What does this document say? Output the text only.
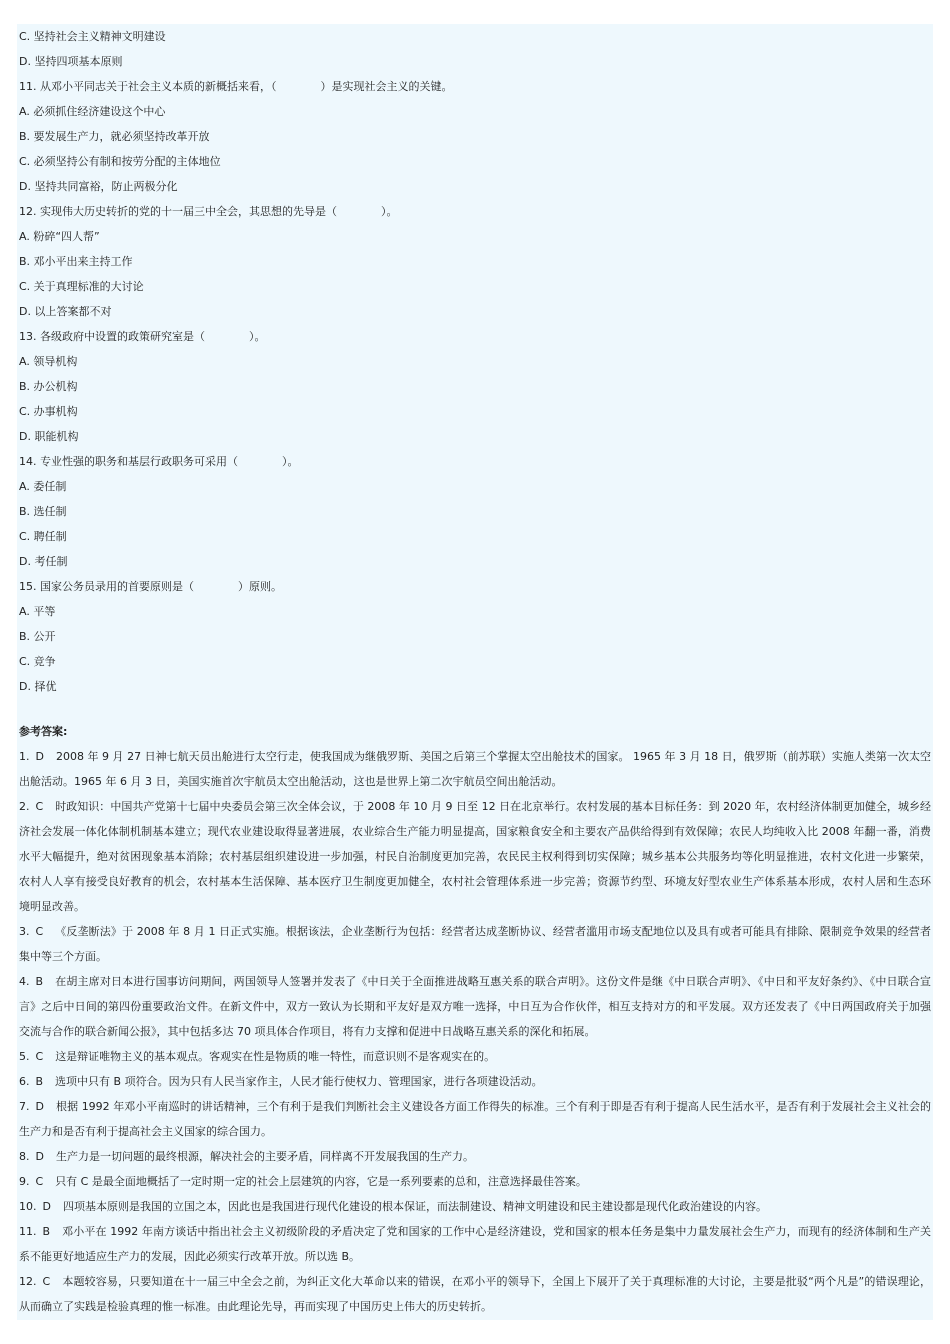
C. 坚持社会主义精神文明建设
D. 坚持四项基本原则
11. 从邓小平同志关于社会主义本质的新概括来看，（　　　　）是实现社会主义的关键。
A. 必须抓住经济建设这个中心
B. 要发展生产力，就必须坚持改革开放
C. 必须坚持公有制和按劳分配的主体地位
D. 坚持共同富裕，防止两极分化
12. 实现伟大历史转折的党的十一届三中全会，其思想的先导是（　　　　）。
A. 粉碎“四人帮”
B. 邓小平出来主持工作
C. 关于真理标准的大讨论
D. 以上答案都不对
13. 各级政府中设置的政策研究室是（　　　　）。
A. 领导机构
B. 办公机构
C. 办事机构
D. 职能机构
14. 专业性强的职务和基层行政职务可采用（　　　　）。
A. 委任制
B. 选任制
C. 聘任制
D. 考任制
15. 国家公务员录用的首要原则是（　　　　）原则。
A. 平等
B. 公开
C. 竞争
D. 择优
参考答案:
1. D 2008 年 9 月 27 日神七航天员出舱进行太空行走，使我国成为继俄罗斯、美国之后第三个掌握太空出舱技术的国家。 1965 年 3 月 18 日，俄罗斯（前苏联）实施人类第一次太空出舱活动。1965 年 6 月 3 日，美国实施首次宇航员太空出舱活动，这也是世界上第二次宇航员空间出舱活动。
2. C 时政知识：中国共产党第十七届中央委员会第三次全体会议，于 2008 年 10 月 9 日至 12 日在北京举行。农村发展的基本目标任务：到 2020 年，农村经济体制更加健全，城乡经济社会发展一体化体制机制基本建立；现代农业建设取得显著进展，农业综合生产能力明显提高，国家粮食安全和主要农产品供给得到有效保障；农民人均纯收入比 2008 年翻一番，消费水平大幅提升，绝对贫困现象基本消除；农村基层组织建设进一步加强，村民自治制度更加完善，农民民主权利得到切实保障；城乡基本公共服务均等化明显推进，农村文化进一步繁荣，农村人人享有接受良好教育的机会，农村基本生活保障、基本医疗卫生制度更加健全，农村社会管理体系进一步完善；资源节约型、环境友好型农业生产体系基本形成，农村人居和生态环境明显改善。
3. C 《反垄断法》于 2008 年 8 月 1 日正式实施。根据该法，企业垄断行为包括：经营者达成垄断协议、经营者滥用市场支配地位以及具有或者可能具有排除、限制竞争效果的经营者集中等三个方面。
4. B 在胡主席对日本进行国事访问期间，两国领导人签署并发表了《中日关于全面推进战略互惠关系的联合声明》。这份文件是继《中日联合声明》、《中日和平友好条约》、《中日联合宣言》之后中日间的第四份重要政治文件。在新文件中，双方一致认为长期和平友好是双方唯一选择，中日互为合作伙伴，相互支持对方的和平发展。双方还发表了《中日两国政府关于加强交流与合作的联合新闻公报》，其中包括多达 70 项具体合作项目，将有力支撑和促进中日战略互惠关系的深化和拓展。
5. C 这是辩证唯物主义的基本观点。客观实在性是物质的唯一特性，而意识则不是客观实在的。
6. B 选项中只有 B 项符合。因为只有人民当家作主，人民才能行使权力、管理国家，进行各项建设活动。
7. D 根据 1992 年邓小平南巡时的讲话精神，三个有利于是我们判断社会主义建设各方面工作得失的标准。三个有利于即是否有利于提高人民生活水平，是否有利于发展社会主义社会的生产力和是否有利于提高社会主义国家的综合国力。
8. D 生产力是一切问题的最终根源，解决社会的主要矛盾，同样离不开发展我国的生产力。
9. C 只有 C 是最全面地概括了一定时期一定的社会上层建筑的内容，它是一系列要素的总和，注意选择最佳答案。
10. D 四项基本原则是我国的立国之本，因此也是我国进行现代化建设的根本保证，而法制建设、精神文明建设和民主建设都是现代化政治建设的内容。
11. B 邓小平在 1992 年南方谈话中指出社会主义初级阶段的矛盾决定了党和国家的工作中心是经济建设，党和国家的根本任务是集中力量发展社会生产力，而现有的经济体制和生产关系不能更好地适应生产力的发展，因此必须实行改革开放。所以选 B。
12. C 本题较容易，只要知道在十一届三中全会之前，为纠正文化大革命以来的错误，在邓小平的领导下，全国上下展开了关于真理标准的大讨论，主要是批驳“两个凡是”的错误理论，从而确立了实践是检验真理的惟一标准。由此理论先导，再而实现了中国历史上伟大的历史转折。
